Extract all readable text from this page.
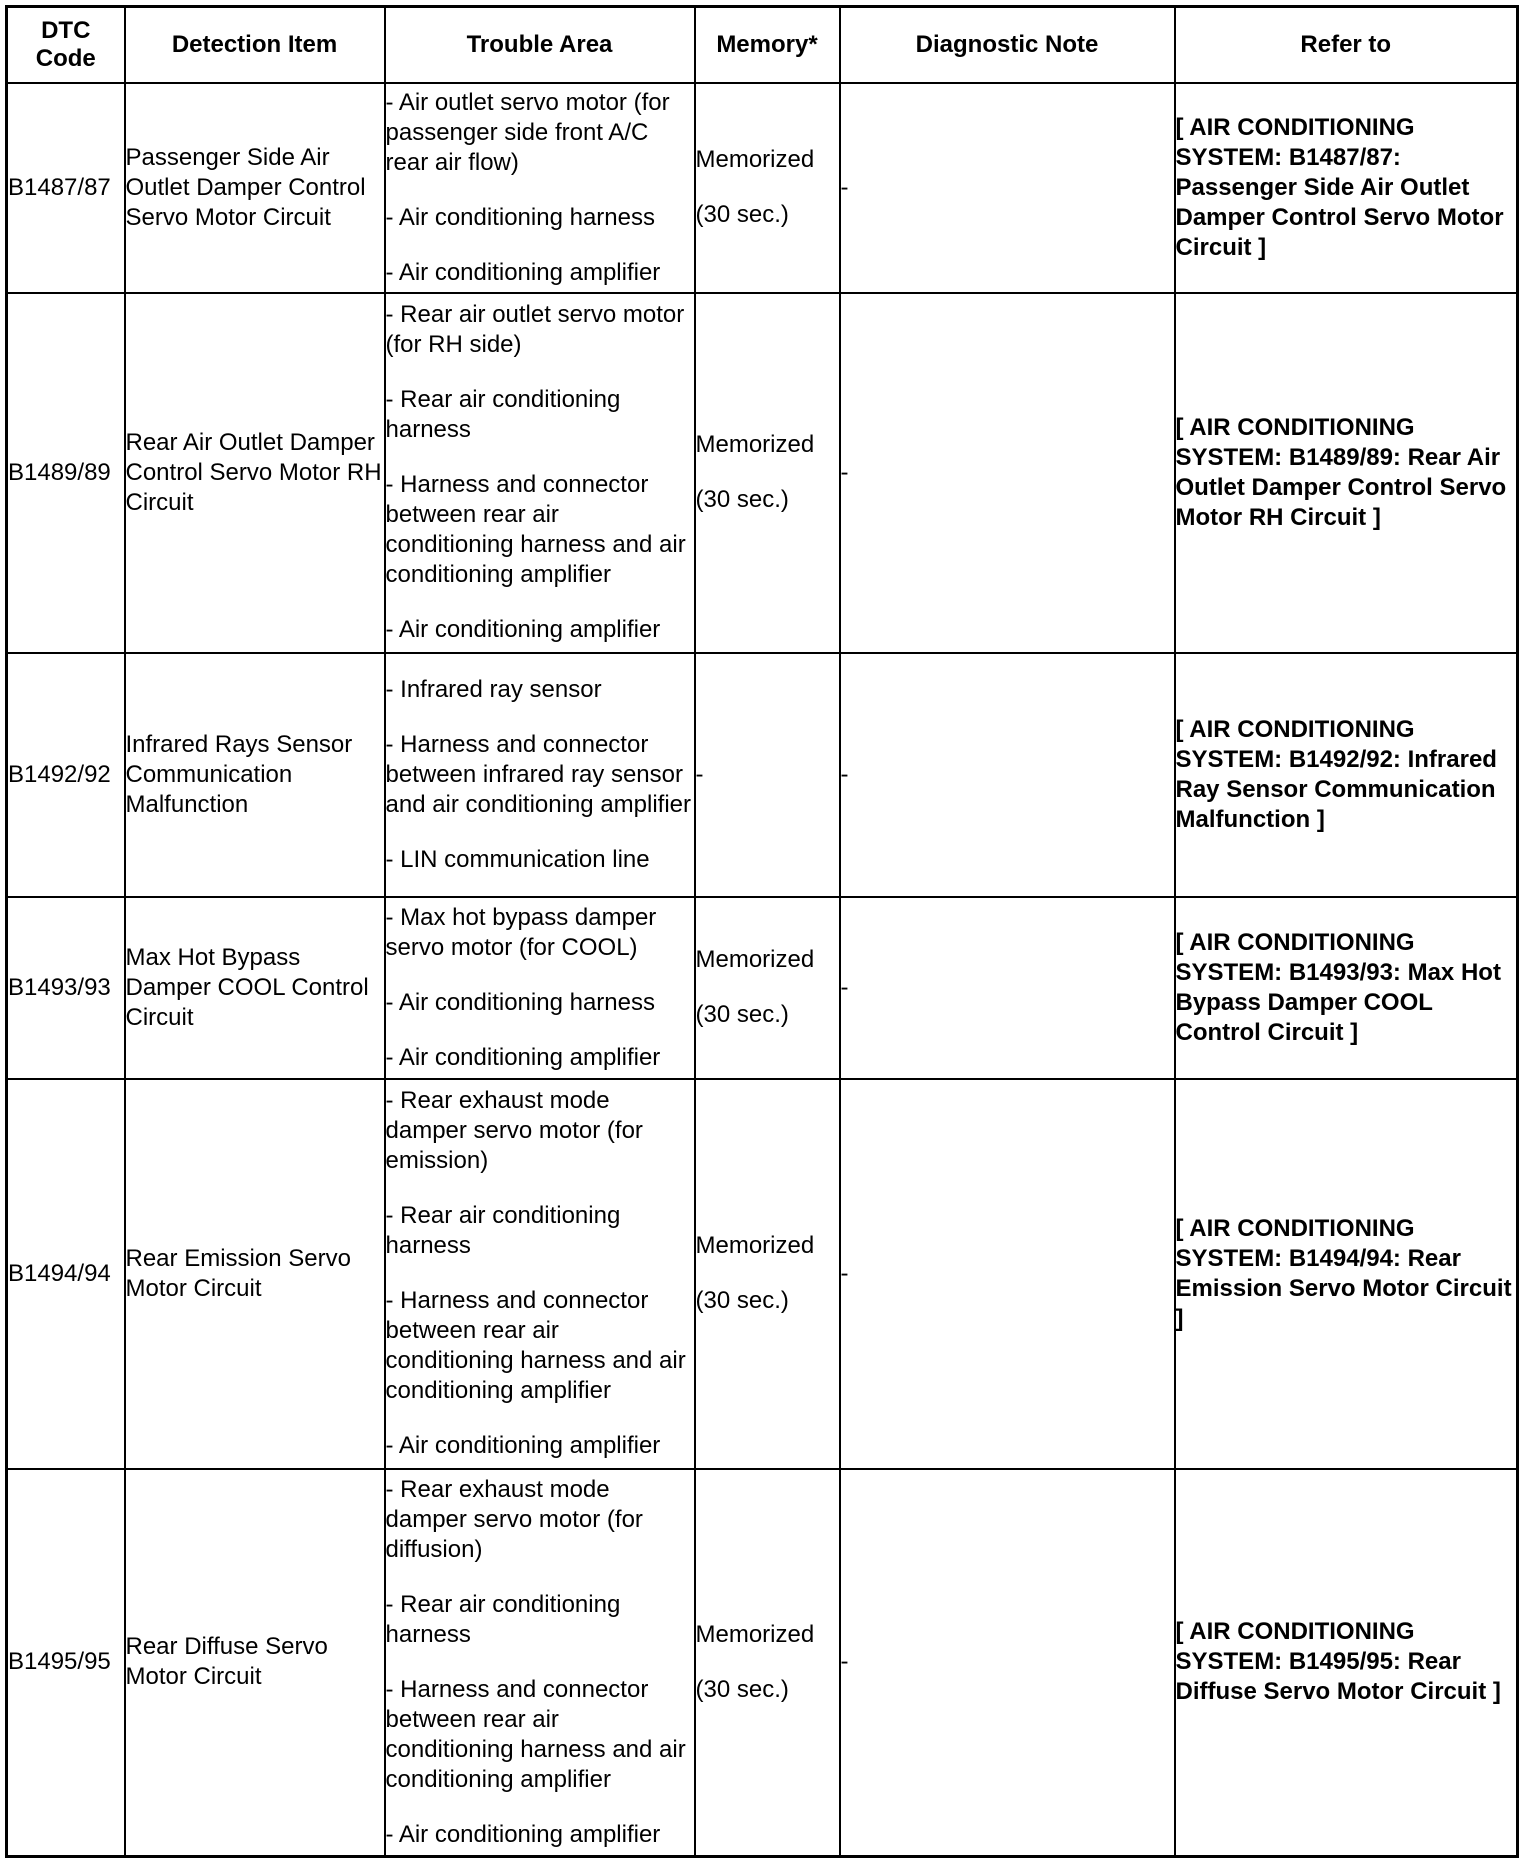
DTC
Code	Detection Item	Trouble Area	Memory*	Diagnostic Note	Refer to
B1487/87	Passenger Side Air Outlet Damper Control Servo Motor Circuit	- Air outlet servo motor (for passenger side front A/C rear air flow)
- Air conditioning harness
- Air conditioning amplifier	Memorized
(30 sec.)	-	[ AIR CONDITIONING SYSTEM: B1487/87: Passenger Side Air Outlet Damper Control Servo Motor Circuit ]
B1489/89	Rear Air Outlet Damper Control Servo Motor RH Circuit	- Rear air outlet servo motor (for RH side)
- Rear air conditioning harness
- Harness and connector between rear air conditioning harness and air conditioning amplifier
- Air conditioning amplifier	Memorized
(30 sec.)	-	[ AIR CONDITIONING SYSTEM: B1489/89: Rear Air Outlet Damper Control Servo Motor RH Circuit ]
B1492/92	Infrared Rays Sensor Communication Malfunction	- Infrared ray sensor
- Harness and connector between infrared ray sensor and air conditioning amplifier
- LIN communication line	-	-	[ AIR CONDITIONING SYSTEM: B1492/92: Infrared Ray Sensor Communication Malfunction ]
B1493/93	Max Hot Bypass Damper COOL Control Circuit	- Max hot bypass damper servo motor (for COOL)
- Air conditioning harness
- Air conditioning amplifier	Memorized
(30 sec.)	-	[ AIR CONDITIONING SYSTEM: B1493/93: Max Hot Bypass Damper COOL Control Circuit ]
B1494/94	Rear Emission Servo Motor Circuit	- Rear exhaust mode damper servo motor (for emission)
- Rear air conditioning harness
- Harness and connector between rear air conditioning harness and air conditioning amplifier
- Air conditioning amplifier	Memorized
(30 sec.)	-	[ AIR CONDITIONING SYSTEM: B1494/94: Rear Emission Servo Motor Circuit ]
B1495/95	Rear Diffuse Servo Motor Circuit	- Rear exhaust mode damper servo motor (for diffusion)
- Rear air conditioning harness
- Harness and connector between rear air conditioning harness and air conditioning amplifier
- Air conditioning amplifier	Memorized
(30 sec.)	-	[ AIR CONDITIONING SYSTEM: B1495/95: Rear Diffuse Servo Motor Circuit ]
